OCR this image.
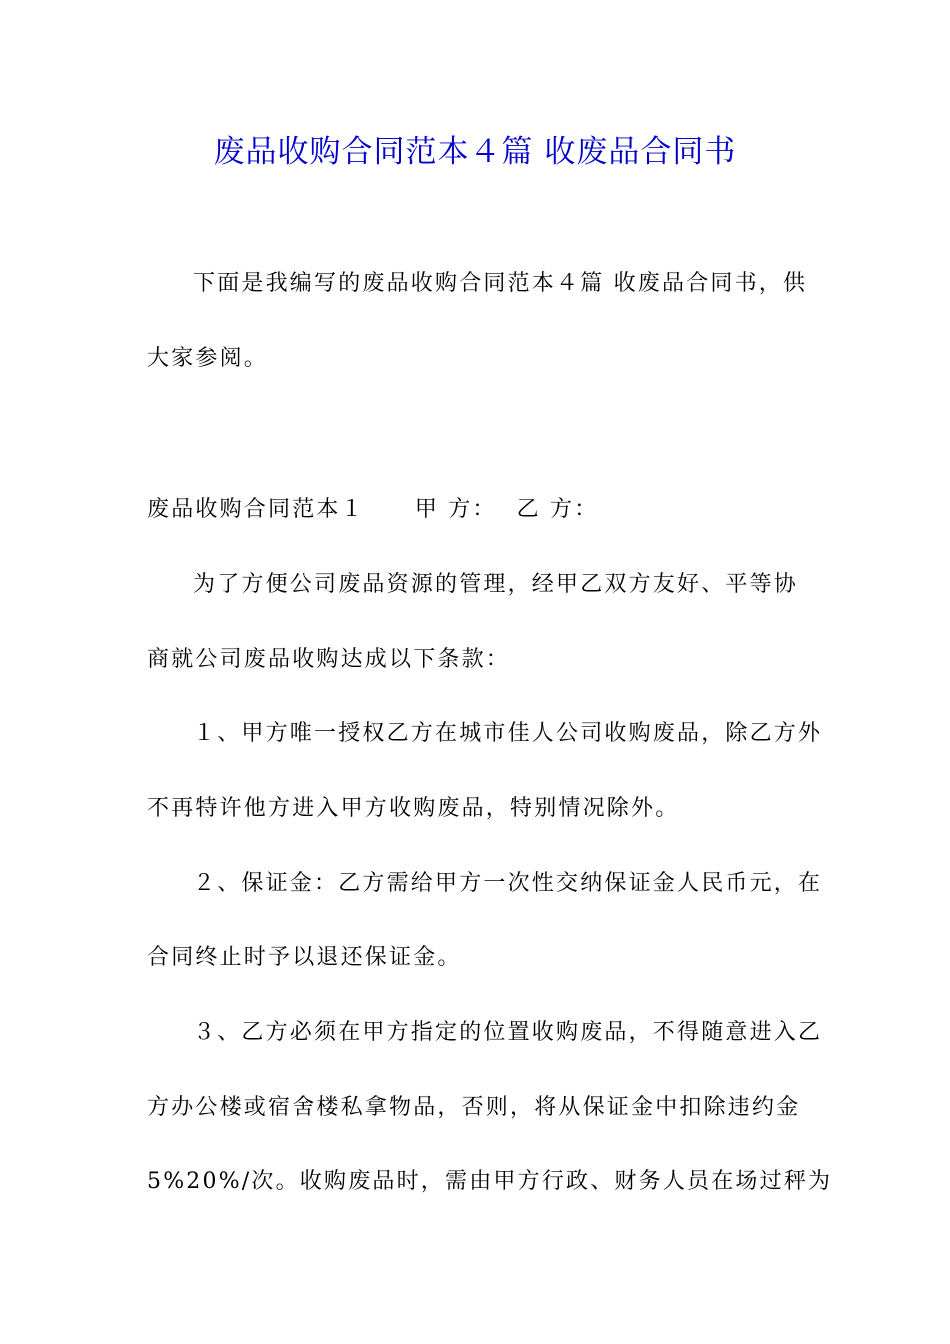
废品收购合同范本４篇 收废品合同书
下面是我编写的废品收购合同范本４篇 收废品合同书，供
大家参阅。
废品收购合同范本１ 甲 方： 乙 方：
为了方便公司废品资源的管理，经甲乙双方友好、平等协
商就公司废品收购达成以下条款：
１、甲方唯一授权乙方在城市佳人公司收购废品，除乙方外
不再特许他方进入甲方收购废品，特别情况除外。
２、保证金：乙方需给甲方一次性交纳保证金人民币元，在
合同终止时予以退还保证金。
３、乙方必须在甲方指定的位置收购废品，不得随意进入乙
方办公楼或宿舍楼私拿物品，否则，将从保证金中扣除违约金
5%20%/次。收购废品时，需由甲方行政、财务人员在场过秤为
